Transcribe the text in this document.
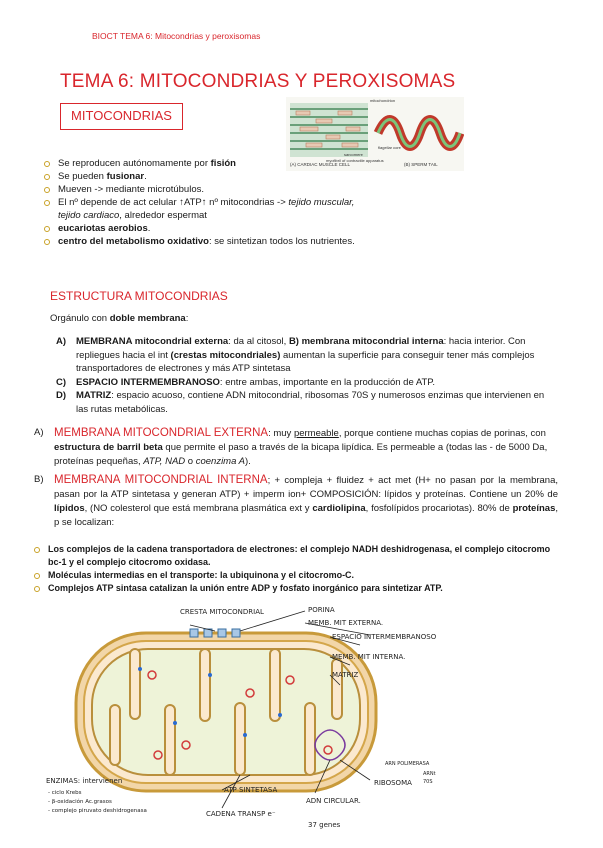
BIOCT TEMA 6: Mitocondrias y peroxisomas
TEMA 6: MITOCONDRIAS Y PEROXISOMAS
MITOCONDRIAS
(A) CARDIAC MUSCLE CELL	(B) SPERM TAIL
mitochondrion
sarcomere
flagellar core
myofibril of contractile apparatus
Se reproducen autónomamente por fisión
Se pueden fusionar.
Mueven -> mediante microtúbulos.
El nº depende de act celular ↑ATP↑ nº mitocondrias -> tejido muscular, tejido cardiaco, alrededor espermat
eucariotas aerobios.
centro del metabolismo oxidativo: se sintetizan todos los nutrientes.
ESTRUCTURA MITOCONDRIAS
Orgánulo con doble membrana:
A) MEMBRANA mitocondrial externa: da al citosol, B) membrana mitocondrial interna: hacia interior. Con repliegues hacia el int (crestas mitocondriales) aumentan la superficie para conseguir tener más complejos transportadores de electrones y más ATP sintetasa
C) ESPACIO INTERMEMBRANOSO: entre ambas, importante en la producción de ATP.
D) MATRIZ: espacio acuoso, contiene ADN mitocondrial, ribosomas 70S y numerosos enzimas que intervienen en las rutas metabólicas.
A) MEMBRANA MITOCONDRIAL EXTERNA: muy permeable, porque contiene muchas copias de porinas, con estructura de barril beta que permite el paso a través de la bicapa lipídica. Es permeable a (todas las - de 5000 Da, proteínas pequeñas, ATP, NAD o coenzima A).
B) MEMBRANA MITOCONDRIAL INTERNA; + compleja + fluidez + act met (H+ no pasan por la membrana, pasan por la ATP sintetasa y generan ATP) + imperm ion+ COMPOSICIÓN: lípidos y proteínas. Contiene un 20% de lípidos, (NO colesterol que está membrana plasmática ext y cardiolipina, fosfolípidos procariotas). 80% de proteínas, p se localizan:
Los complejos de la cadena transportadora de electrones: el complejo NADH deshidrogenasa, el complejo citocromo bc-1 y el complejo citocromo oxidasa.
Moléculas intermedias en el transporte: la ubiquinona y el citocromo-C.
Complejos ATP sintasa catalizan la unión entre ADP y fosfato inorgánico para sintetizar ATP.
CRESTA MITOCONDRIAL	PORINA
MEMB. MIT EXTERNA.
ESPACIO INTERMEMBRANOSO
MEMB. MIT INTERNA.
MATRIZ
RIBOSOMA
ARN POLIMERASA
ARNt
70S
ADN CIRCULAR.
37 genes
ATP SINTETASA
CADENA TRANSP e⁻
ENZIMAS: intervienen
- ciclo Krebs
- β-oxidación Ac.grasos
- complejo piruvato deshidrogenasa
